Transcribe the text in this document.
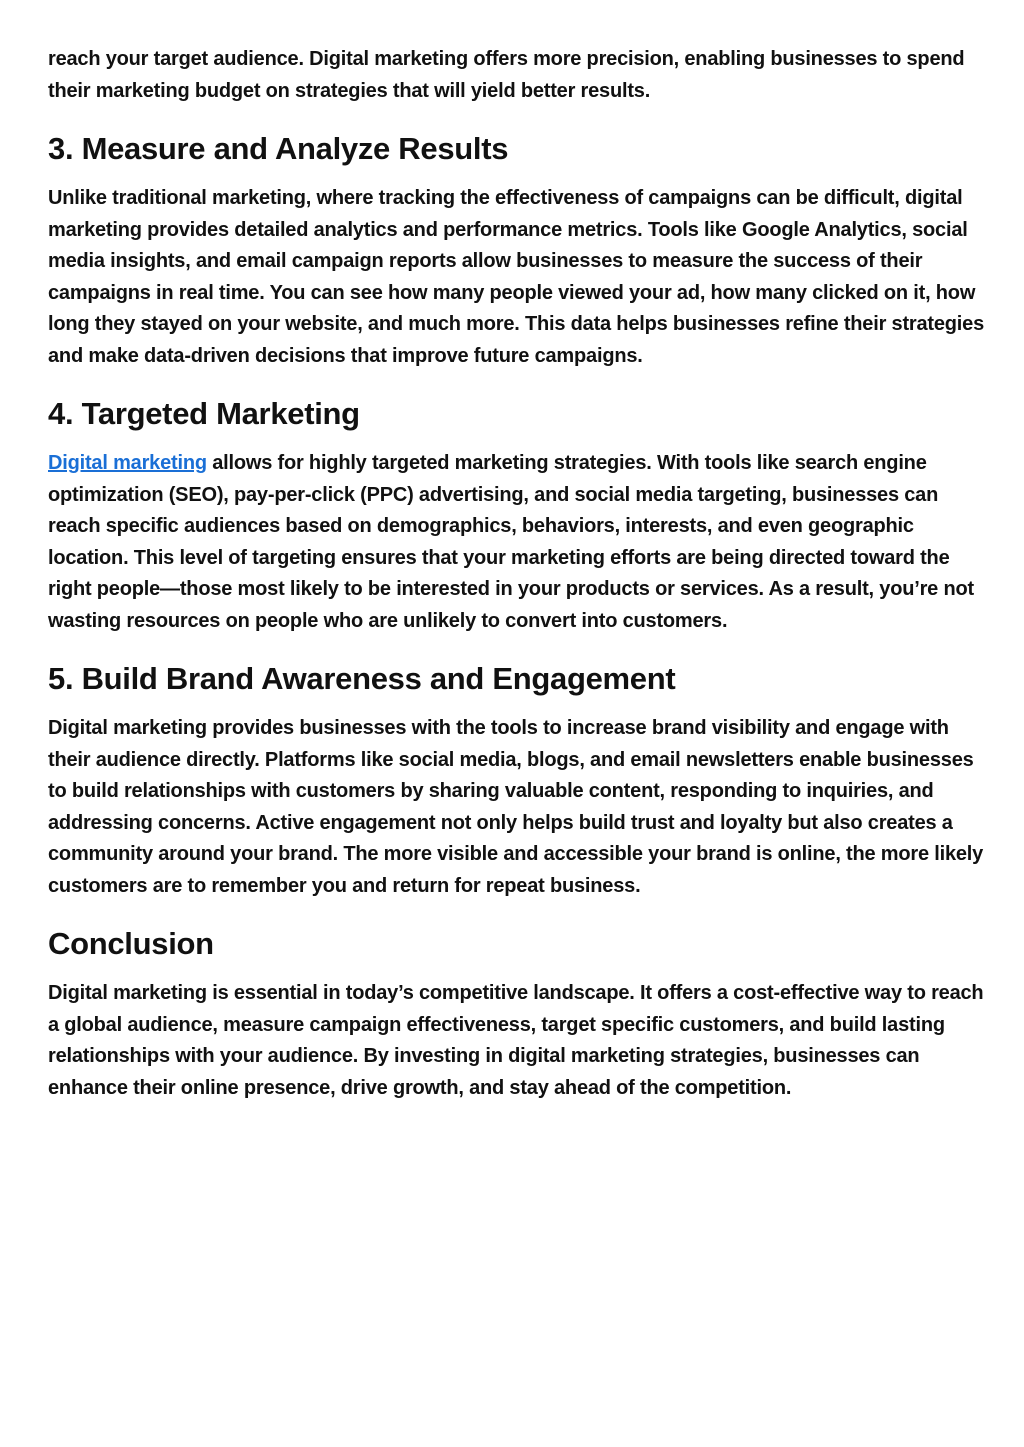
reach your target audience. Digital marketing offers more precision, enabling businesses to spend their marketing budget on strategies that will yield better results.

3. Measure and Analyze Results

Unlike traditional marketing, where tracking the effectiveness of campaigns can be difficult, digital marketing provides detailed analytics and performance metrics. Tools like Google Analytics, social media insights, and email campaign reports allow businesses to measure the success of their campaigns in real time. You can see how many people viewed your ad, how many clicked on it, how long they stayed on your website, and much more. This data helps businesses refine their strategies and make data-driven decisions that improve future campaigns.

4. Targeted Marketing

Digital marketing allows for highly targeted marketing strategies. With tools like search engine optimization (SEO), pay-per-click (PPC) advertising, and social media targeting, businesses can reach specific audiences based on demographics, behaviors, interests, and even geographic location. This level of targeting ensures that your marketing efforts are being directed toward the right people—those most likely to be interested in your products or services. As a result, you’re not wasting resources on people who are unlikely to convert into customers.

5. Build Brand Awareness and Engagement

Digital marketing provides businesses with the tools to increase brand visibility and engage with their audience directly. Platforms like social media, blogs, and email newsletters enable businesses to build relationships with customers by sharing valuable content, responding to inquiries, and addressing concerns. Active engagement not only helps build trust and loyalty but also creates a community around your brand. The more visible and accessible your brand is online, the more likely customers are to remember you and return for repeat business.

Conclusion

Digital marketing is essential in today’s competitive landscape. It offers a cost-effective way to reach a global audience, measure campaign effectiveness, target specific customers, and build lasting relationships with your audience. By investing in digital marketing strategies, businesses can enhance their online presence, drive growth, and stay ahead of the competition.
